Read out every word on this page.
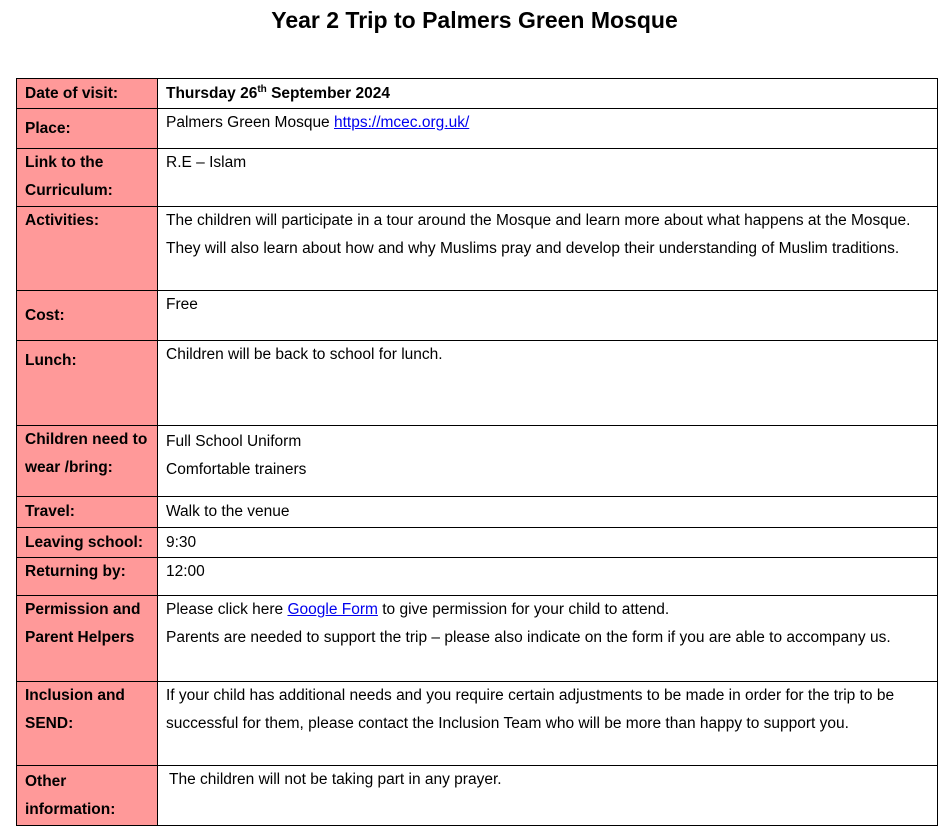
Year 2 Trip to Palmers Green Mosque
Date of visit:	Thursday 26th September 2024
Place:	Palmers Green Mosque https://mcec.org.uk/
Link to the Curriculum:	R.E – Islam
Activities:	The children will participate in a tour around the Mosque and learn more about what happens at the Mosque. They will also learn about how and why Muslims pray and develop their understanding of Muslim traditions.
Cost:	Free
Lunch:	Children will be back to school for lunch.
Children need to wear /bring:	Full School Uniform
Comfortable trainers

Travel:	Walk to the venue
Leaving school:	9:30
Returning by:	12:00
Permission and Parent Helpers	Please click here Google Form to give permission for your child to attend.
Parents are needed to support the trip – please also indicate on the form if you are able to accompany us.

Inclusion and SEND:	If your child has additional needs and you require certain adjustments to be made in order for the trip to be successful for them, please contact the Inclusion Team who will be more than happy to support you.
Other information:	The children will not be taking part in any prayer.
